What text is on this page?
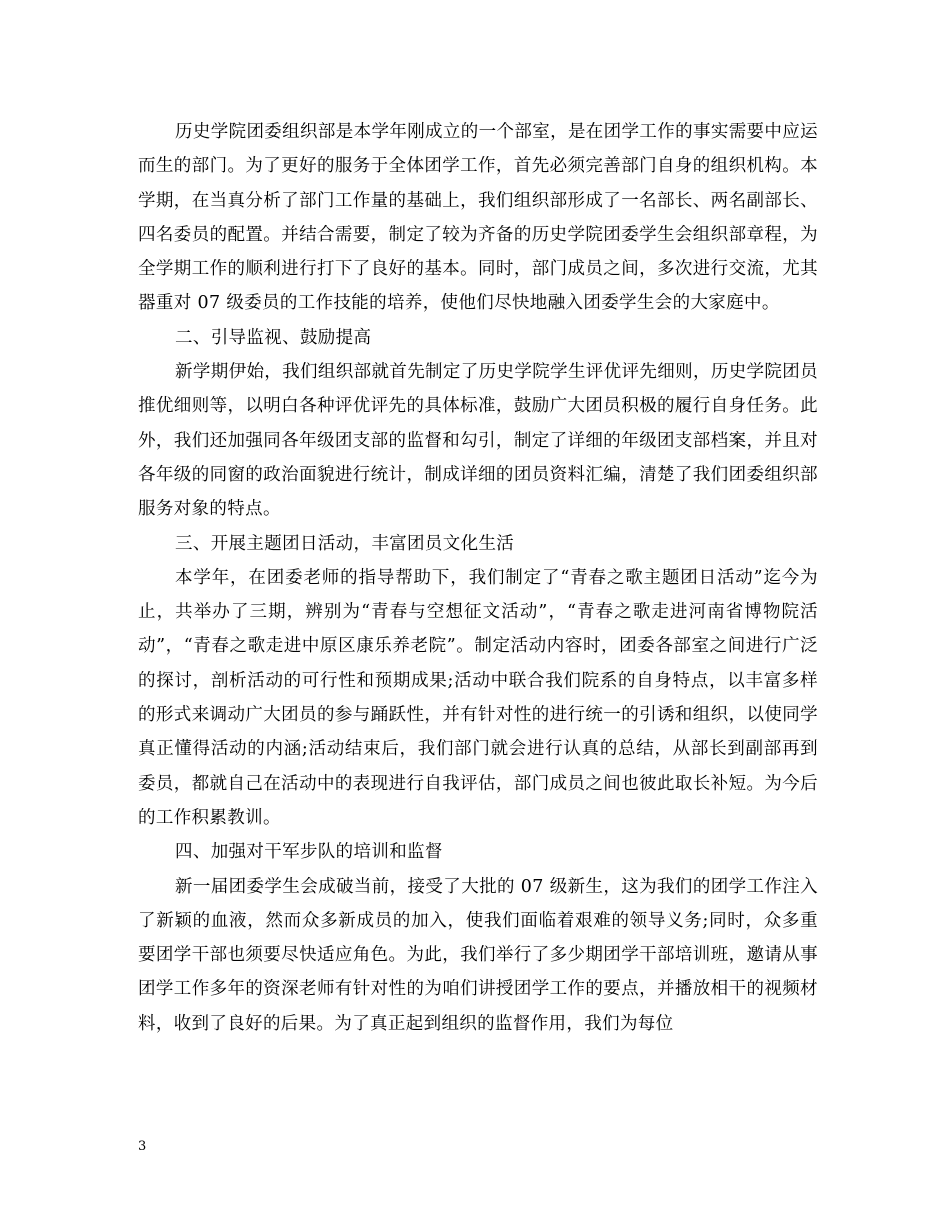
历史学院团委组织部是本学年刚成立的一个部室，是在团学工作的事实需要中应运而生的部门。为了更好的服务于全体团学工作，首先必须完善部门自身的组织机构。本学期，在当真分析了部门工作量的基础上，我们组织部形成了一名部长、两名副部长、四名委员的配置。并结合需要，制定了较为齐备的历史学院团委学生会组织部章程，为全学期工作的顺利进行打下了良好的基本。同时，部门成员之间，多次进行交流，尤其器重对 07 级委员的工作技能的培养，使他们尽快地融入团委学生会的大家庭中。

二、引导监视、鼓励提高

新学期伊始，我们组织部就首先制定了历史学院学生评优评先细则，历史学院团员推优细则等，以明白各种评优评先的具体标准，鼓励广大团员积极的履行自身任务。此外，我们还加强同各年级团支部的监督和勾引，制定了详细的年级团支部档案，并且对各年级的同窗的政治面貌进行统计，制成详细的团员资料汇编，清楚了我们团委组织部服务对象的特点。

三、开展主题团日活动，丰富团员文化生活

本学年，在团委老师的指导帮助下，我们制定了“青春之歌主题团日活动”迄今为止，共举办了三期，辨别为“青春与空想征文活动”，“青春之歌走进河南省博物院活动”，“青春之歌走进中原区康乐养老院”。制定活动内容时，团委各部室之间进行广泛的探讨，剖析活动的可行性和预期成果;活动中联合我们院系的自身特点，以丰富多样的形式来调动广大团员的参与踊跃性，并有针对性的进行统一的引诱和组织，以使同学真正懂得活动的内涵;活动结束后，我们部门就会进行认真的总结，从部长到副部再到委员，都就自己在活动中的表现进行自我评估，部门成员之间也彼此取长补短。为今后的工作积累教训。

四、加强对干军步队的培训和监督

新一届团委学生会成破当前，接受了大批的 07 级新生，这为我们的团学工作注入了新颖的血液，然而众多新成员的加入，使我们面临着艰难的领导义务;同时，众多重要团学干部也须要尽快适应角色。为此，我们举行了多少期团学干部培训班，邀请从事团学工作多年的资深老师有针对性的为咱们讲授团学工作的要点，并播放相干的视频材料，收到了良好的后果。为了真正起到组织的监督作用，我们为每位

3
